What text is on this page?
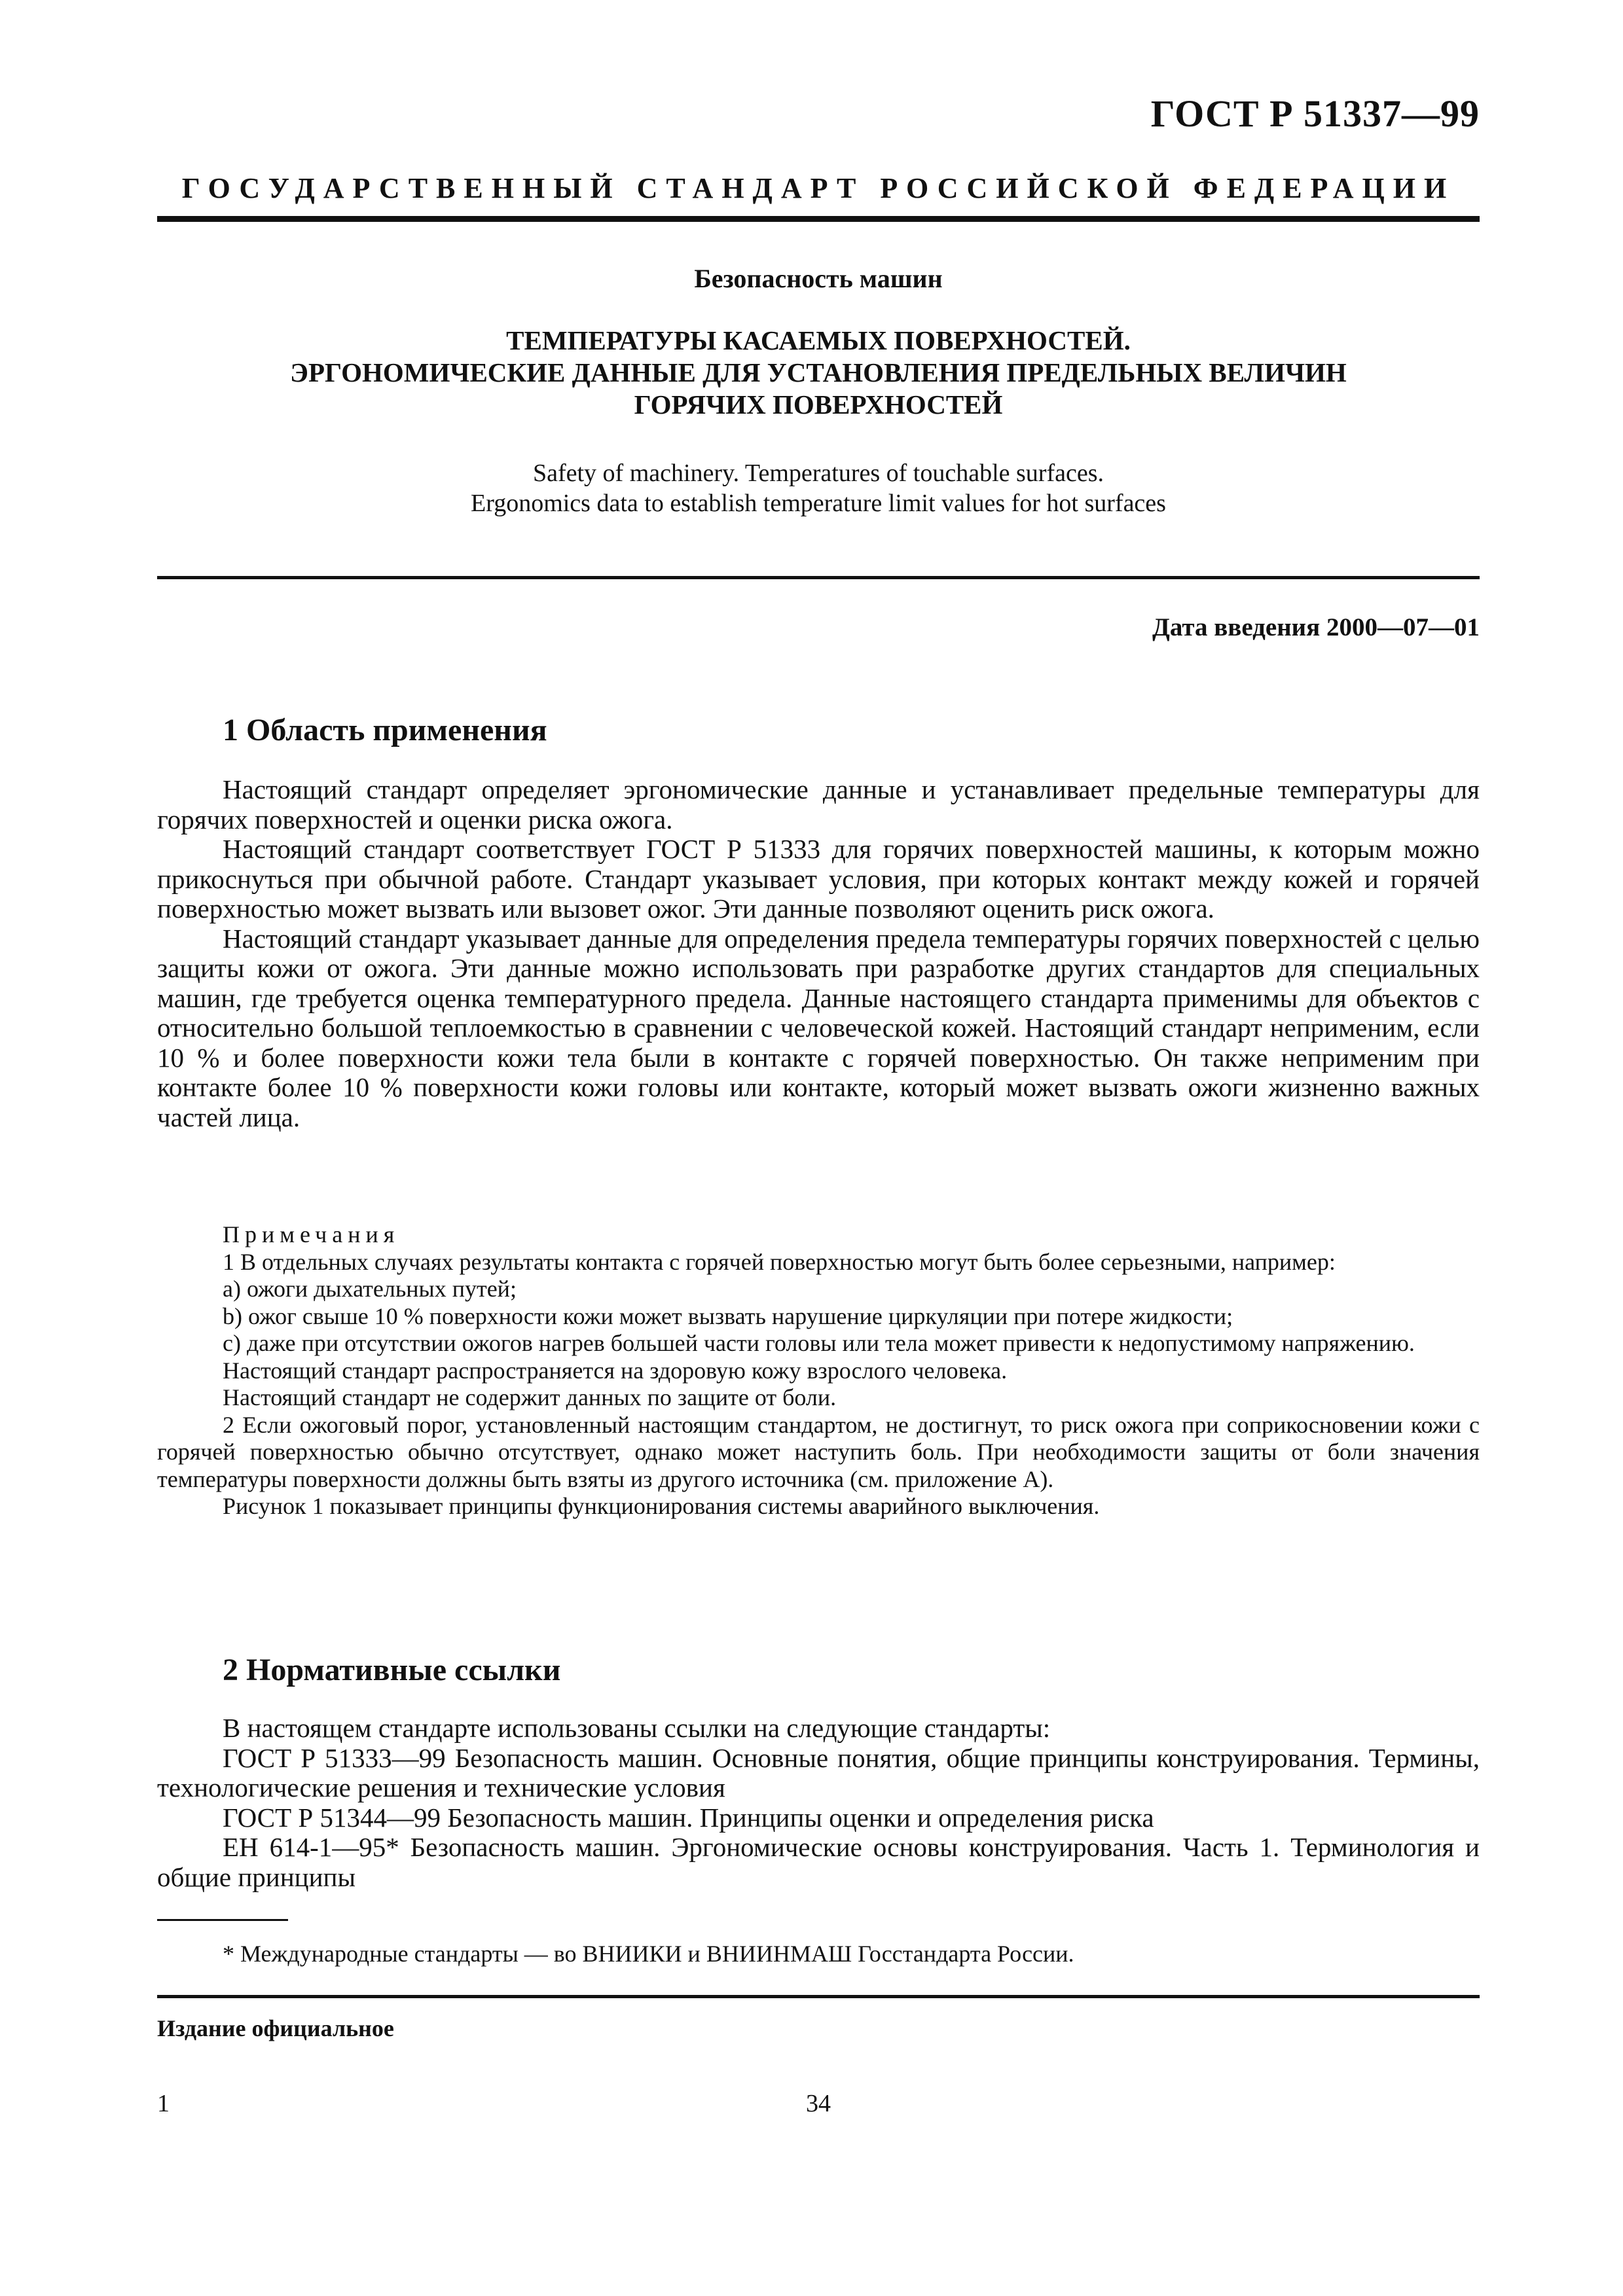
ГОСТ Р 51337—99
ГОСУДАРСТВЕННЫЙ СТАНДАРТ РОССИЙСКОЙ ФЕДЕРАЦИИ
Безопасность машин
ТЕМПЕРАТУРЫ КАСАЕМЫХ ПОВЕРХНОСТЕЙ.
ЭРГОНОМИЧЕСКИЕ ДАННЫЕ ДЛЯ УСТАНОВЛЕНИЯ ПРЕДЕЛЬНЫХ ВЕЛИЧИН
ГОРЯЧИХ ПОВЕРХНОСТЕЙ
Safety of machinery. Temperatures of touchable surfaces.
Ergonomics data to establish temperature limit values for hot surfaces
Дата введения 2000—07—01
1 Область применения

Настоящий стандарт определяет эргономические данные и устанавливает предельные температуры для горячих поверхностей и оценки риска ожога.

Настоящий стандарт соответствует ГОСТ Р 51333 для горячих поверхностей машины, к которым можно прикоснуться при обычной работе. Стандарт указывает условия, при которых контакт между кожей и горячей поверхностью может вызвать или вызовет ожог. Эти данные позволяют оценить риск ожога.

Настоящий стандарт указывает данные для определения предела температуры горячих поверхностей с целью защиты кожи от ожога. Эти данные можно использовать при разработке других стандартов для специальных машин, где требуется оценка температурного предела. Данные настоящего стандарта применимы для объектов с относительно большой теплоемкостью в сравнении с человеческой кожей. Настоящий стандарт неприменим, если 10 % и более поверхности кожи тела были в контакте с горячей поверхностью. Он также неприменим при контакте более 10 % поверхности кожи головы или контакте, который может вызвать ожоги жизненно важных частей лица.

Примечания

1 В отдельных случаях результаты контакта с горячей поверхностью могут быть более серьезными, например:

a) ожоги дыхательных путей;

b) ожог свыше 10 % поверхности кожи может вызвать нарушение циркуляции при потере жидкости;

c) даже при отсутствии ожогов нагрев большей части головы или тела может привести к недопустимому напряжению.

Настоящий стандарт распространяется на здоровую кожу взрослого человека.

Настоящий стандарт не содержит данных по защите от боли.

2 Если ожоговый порог, установленный настоящим стандартом, не достигнут, то риск ожога при соприкосновении кожи с горячей поверхностью обычно отсутствует, однако может наступить боль. При необходимости защиты от боли значения температуры поверхности должны быть взяты из другого источника (см. приложение А).

Рисунок 1 показывает принципы функционирования системы аварийного выключения.

2 Нормативные ссылки

В настоящем стандарте использованы ссылки на следующие стандарты:

ГОСТ Р 51333—99 Безопасность машин. Основные понятия, общие принципы конструирования. Термины, технологические решения и технические условия

ГОСТ Р 51344—99 Безопасность машин. Принципы оценки и определения риска

ЕН 614-1—95* Безопасность машин. Эргономические основы конструирования. Часть 1. Терминология и общие принципы

* Международные стандарты — во ВНИИКИ и ВНИИНМАШ Госстандарта России.
Издание официальное
1	34
